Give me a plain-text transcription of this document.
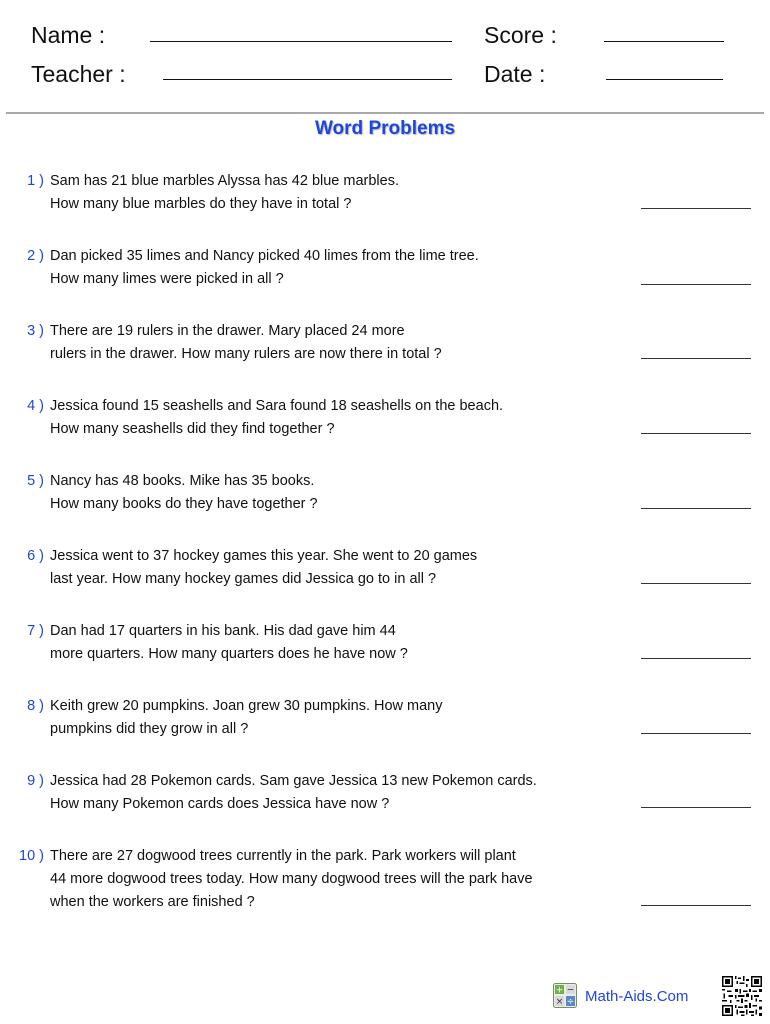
Name :
Teacher :
Score :
Date :
Word Problems
1 ) Sam has 21 blue marbles Alyssa has 42 blue marbles.
How many blue marbles do they have in total ?
2 ) Dan picked 35 limes and Nancy picked 40 limes from the lime tree.
How many limes were picked in all ?
3 ) There are 19 rulers in the drawer. Mary placed 24 more
rulers in the drawer. How many rulers are now there in total ?
4 ) Jessica found 15 seashells and Sara found 18 seashells on the beach.
How many seashells did they find together ?
5 ) Nancy has 48 books. Mike has 35 books.
How many books do they have together ?
6 ) Jessica went to 37 hockey games this year. She went to 20 games
last year. How many hockey games did Jessica go to in all ?
7 ) Dan had 17 quarters in his bank. His dad gave him 44
more quarters. How many quarters does he have now ?
8 ) Keith grew 20 pumpkins. Joan grew 30 pumpkins. How many
pumpkins did they grow in all ?
9 ) Jessica had 28 Pokemon cards. Sam gave Jessica 13 new Pokemon cards.
How many Pokemon cards does Jessica have now ?
10 ) There are 27 dogwood trees currently in the park. Park workers will plant
44 more dogwood trees today. How many dogwood trees will the park have
when the workers are finished ?
+ −
× ÷ Math-Aids.Com
